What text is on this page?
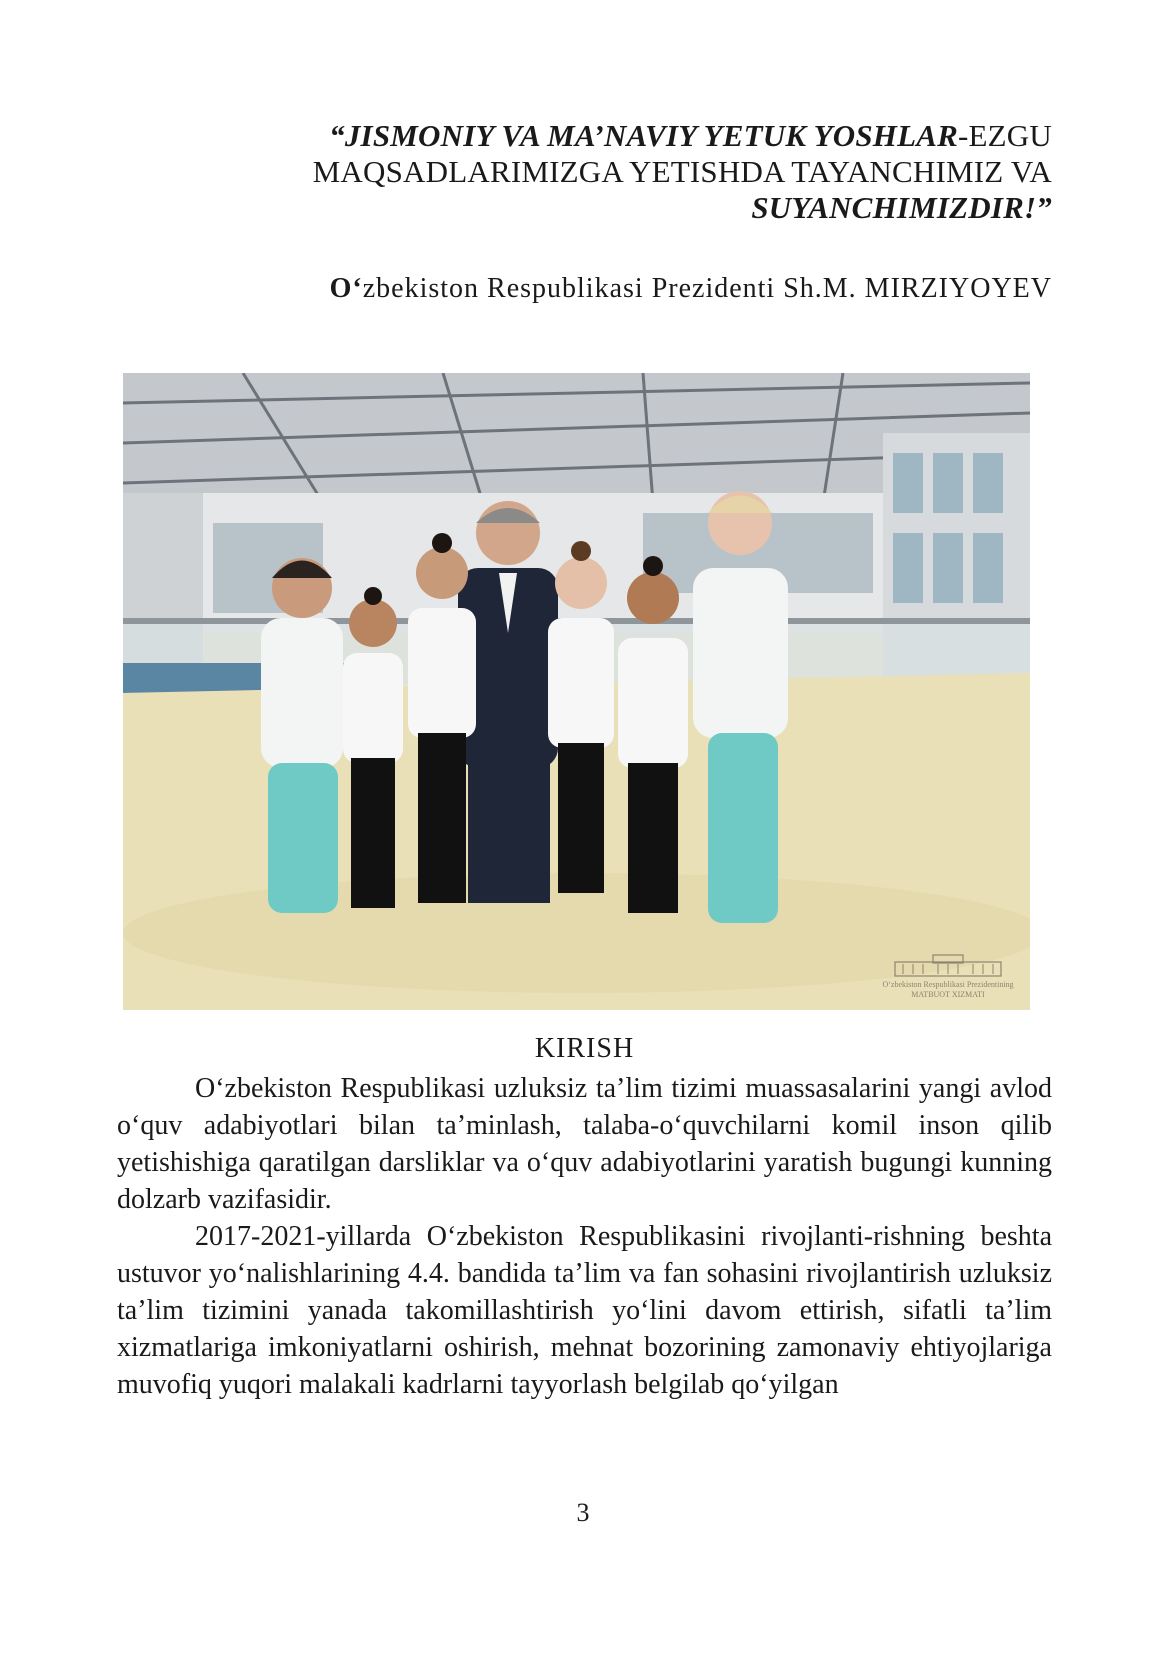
“JISMONIY VA MA’NAVIY YETUK YOSHLAR-EZGU MAQSADLARIMIZGA YETISHDA TAYANCHIMIZ VA
SUYANCHIMIZDIR!”
O‘zbekiston Respublikasi Prezidenti Sh.M. MIRZIYOYEV
O‘zbekiston Respublikasi Prezidentining
MATBUOT XIZMATI
KIRISH

O‘zbekiston Respublikasi uzluksiz ta’lim tizimi muassasalarini yangi avlod o‘quv adabiyotlari bilan ta’minlash, talaba-o‘quvchilarni komil inson qilib yetishishiga qaratilgan darsliklar va o‘quv adabiyotlarini yaratish bugungi kunning dolzarb vazifasidir.

2017-2021-yillarda O‘zbekiston Respublikasini rivojlanti-rishning beshta ustuvor yo‘nalishlarining 4.4. bandida ta’lim va fan sohasini rivojlantirish uzluksiz ta’lim tizimini yanada takomillashtirish yo‘lini davom ettirish, sifatli ta’lim xizmatlariga imkoniyatlarni oshirish, mehnat bozorining zamonaviy ehtiyojlariga muvofiq yuqori malakali kadrlarni tayyorlash belgilab qo‘yilgan

3
